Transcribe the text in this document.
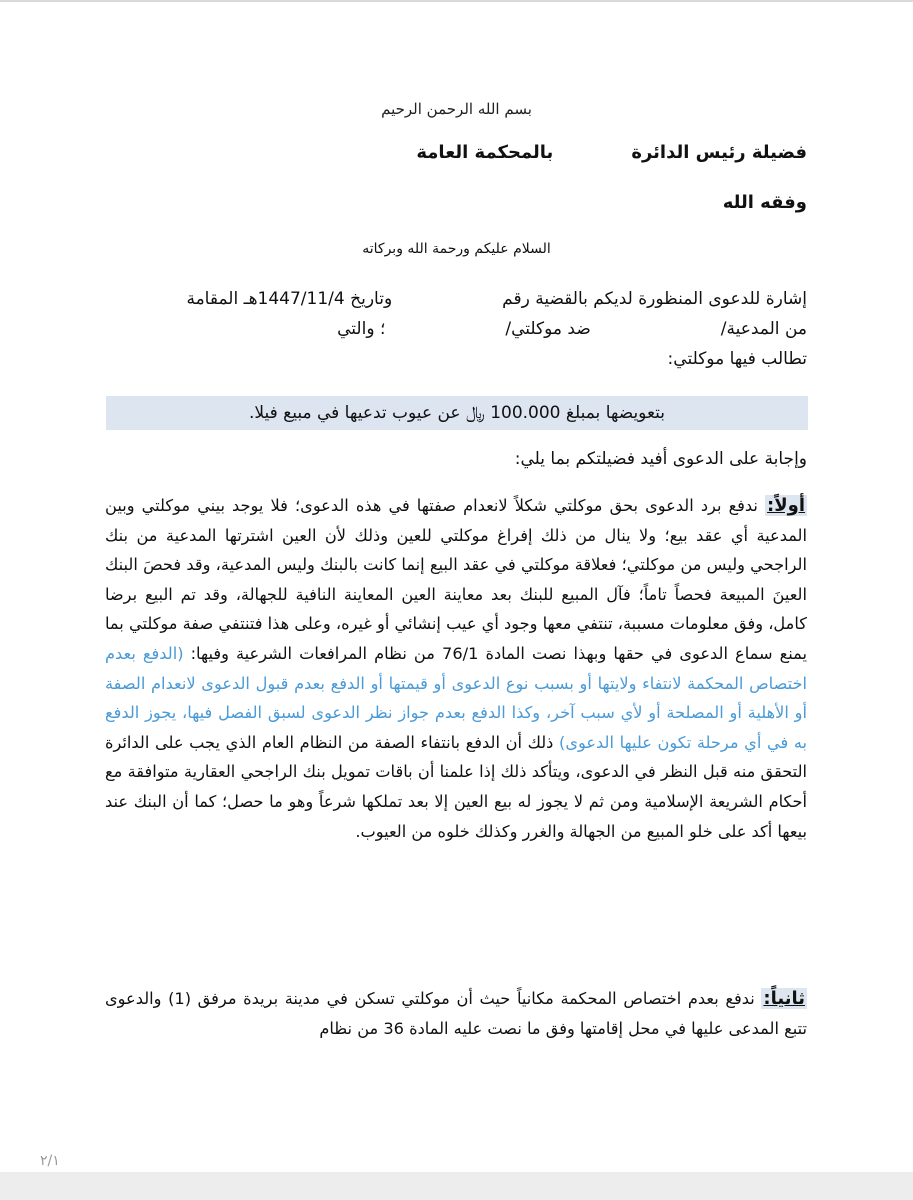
بسم الله الرحمن الرحيم
فضيلة رئيس الدائرةبالمحكمة العامة
وفقه الله
السلام عليكم ورحمة الله وبركاته
إشارة للدعوى المنظورة لديكم بالقضية رقموتاريخ 1447/11/4هـ المقامة
من المدعية/ضد موكلتي/؛ والتي
تطالب فيها موكلتي:
بتعويضها بمبلغ 100.000 ﷼ عن عيوب تدعيها في مبيع فيلا.
وإجابة على الدعوى أفيد فضيلتكم بما يلي:
أولاً: ندفع برد الدعوى بحق موكلتي شكلاً لانعدام صفتها في هذه الدعوى؛ فلا يوجد بيني موكلتي وبين المدعية أي عقد بيع؛ ولا ينال من ذلك إفراغ موكلتي للعين وذلك لأن العين اشترتها المدعية من بنك الراجحي وليس من موكلتي؛ فعلاقة موكلتي في عقد البيع إنما كانت بالبنك وليس المدعية، وقد فحصَ البنك العينَ المبيعة فحصاً تاماً؛ فآل المبيع للبنك بعد معاينة العين المعاينة النافية للجهالة، وقد تم البيع برضا كامل، وفق معلومات مسببة، تنتفي معها وجود أي عيب إنشائي أو غيره، وعلى هذا فتنتفي صفة موكلتي بما يمنع سماع الدعوى في حقها وبهذا نصت المادة 76/1 من نظام المرافعات الشرعية وفيها: (الدفع بعدم اختصاص المحكمة لانتفاء ولايتها أو بسبب نوع الدعوى أو قيمتها أو الدفع بعدم قبول الدعوى لانعدام الصفة أو الأهلية أو المصلحة أو لأي سبب آخر، وكذا الدفع بعدم جواز نظر الدعوى لسبق الفصل فيها، يجوز الدفع به في أي مرحلة تكون عليها الدعوى) ذلك أن الدفع بانتفاء الصفة من النظام العام الذي يجب على الدائرة التحقق منه قبل النظر في الدعوى، ويتأكد ذلك إذا علمنا أن باقات تمويل بنك الراجحي العقارية متوافقة مع أحكام الشريعة الإسلامية ومن ثم لا يجوز له بيع العين إلا بعد تملكها شرعاً وهو ما حصل؛ كما أن البنك عند بيعها أكد على خلو المبيع من الجهالة والغرر وكذلك خلوه من العيوب.
ثانياً: ندفع بعدم اختصاص المحكمة مكانياً حيث أن موكلتي تسكن في مدينة بريدة مرفق (1) والدعوى تتبع المدعى عليها في محل إقامتها وفق ما نصت عليه المادة 36 من نظام
٢/١
